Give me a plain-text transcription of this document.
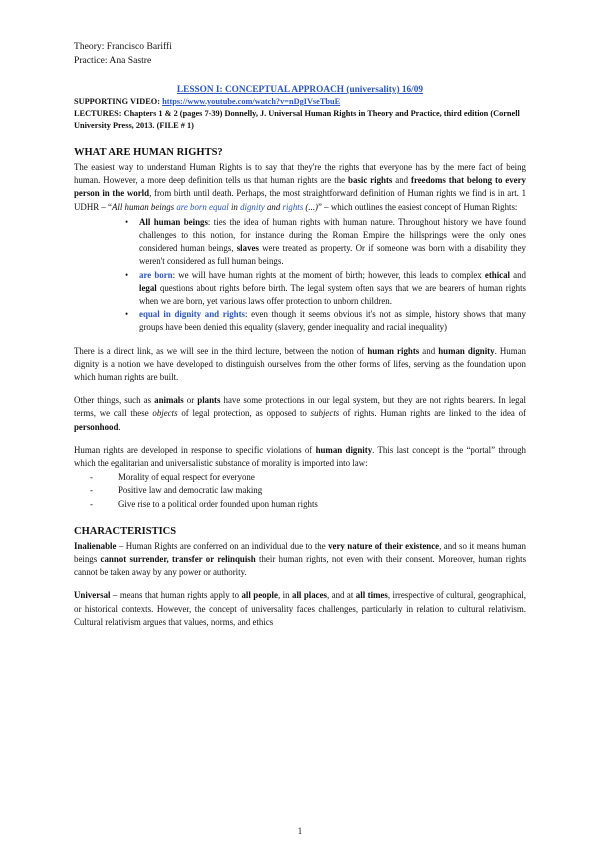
Theory: Francisco Bariffi
Practice: Ana Sastre
LESSON I: CONCEPTUAL APPROACH (universality) 16/09
SUPPORTING VIDEO: https://www.youtube.com/watch?v=nDgIVseTbuE
LECTURES: Chapters 1 & 2 (pages 7-39) Donnelly, J. Universal Human Rights in Theory and Practice, third edition (Cornell University Press, 2013. (FILE # 1)
WHAT ARE HUMAN RIGHTS?

The easiest way to understand Human Rights is to say that they're the rights that everyone has by the mere fact of being human. However, a more deep definition tells us that human rights are the basic rights and freedoms that belong to every person in the world, from birth until death. Perhaps, the most straightforward definition of Human rights we find is in art. 1 UDHR – “All human beings are born equal in dignity and rights (...)” – which outlines the easiest concept of Human Rights:

• All human beings: ties the idea of human rights with human nature. Throughout history we have found challenges to this notion, for instance during the Roman Empire the hillsprings were the only ones considered human beings, slaves were treated as property. Or if someone was born with a disability they weren't considered as full human beings.
• are born: we will have human rights at the moment of birth; however, this leads to complex ethical and legal questions about rights before birth. The legal system often says that we are bearers of human rights when we are born, yet various laws offer protection to unborn children.
• equal in dignity and rights: even though it seems obvious it's not as simple, history shows that many groups have been denied this equality (slavery, gender inequality and racial inequality)

There is a direct link, as we will see in the third lecture, between the notion of human rights and human dignity. Human dignity is a notion we have developed to distinguish ourselves from the other forms of lifes, serving as the foundation upon which human rights are built.

Other things, such as animals or plants have some protections in our legal system, but they are not rights bearers. In legal terms, we call these objects of legal protection, as opposed to subjects of rights. Human rights are linked to the idea of personhood.

Human rights are developed in response to specific violations of human dignity. This last concept is the “portal” through which the egalitarian and universalistic substance of morality is imported into law:

- Morality of equal respect for everyone
- Positive law and democratic law making
- Give rise to a political order founded upon human rights
CHARACTERISTICS

Inalienable – Human Rights are conferred on an individual due to the very nature of their existence, and so it means human beings cannot surrender, transfer or relinquish their human rights, not even with their consent. Moreover, human rights cannot be taken away by any power or authority.

Universal – means that human rights apply to all people, in all places, and at all times, irrespective of cultural, geographical, or historical contexts. However, the concept of universality faces challenges, particularly in relation to cultural relativism. Cultural relativism argues that values, norms, and ethics

1
